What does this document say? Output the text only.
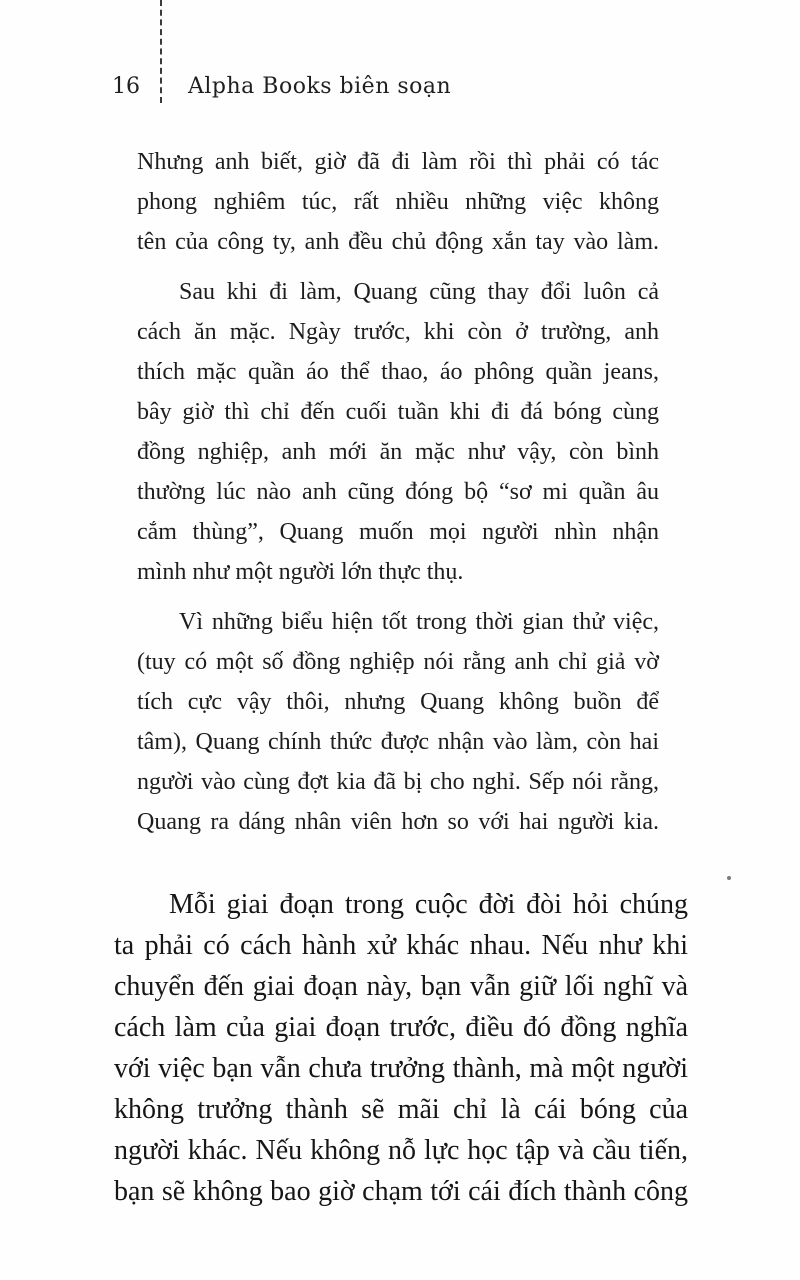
16 Alpha Books biên soạn
Nhưng anh biết, giờ đã đi làm rồi thì phải có tác
phong nghiêm túc, rất nhiều những việc không
tên của công ty, anh đều chủ động xắn tay vào làm.
Sau khi đi làm, Quang cũng thay đổi luôn cả
cách ăn mặc. Ngày trước, khi còn ở trường, anh
thích mặc quần áo thể thao, áo phông quần jeans,
bây giờ thì chỉ đến cuối tuần khi đi đá bóng cùng
đồng nghiệp, anh mới ăn mặc như vậy, còn bình
thường lúc nào anh cũng đóng bộ “sơ mi quần âu
cắm thùng”, Quang muốn mọi người nhìn nhận
mình như một người lớn thực thụ.
Vì những biểu hiện tốt trong thời gian thử việc,
(tuy có một số đồng nghiệp nói rằng anh chỉ giả vờ
tích cực vậy thôi, nhưng Quang không buồn để
tâm), Quang chính thức được nhận vào làm, còn hai
người vào cùng đợt kia đã bị cho nghỉ. Sếp nói rằng,
Quang ra dáng nhân viên hơn so với hai người kia.
Mỗi giai đoạn trong cuộc đời đòi hỏi chúng
ta phải có cách hành xử khác nhau. Nếu như khi
chuyển đến giai đoạn này, bạn vẫn giữ lối nghĩ và
cách làm của giai đoạn trước, điều đó đồng nghĩa
với việc bạn vẫn chưa trưởng thành, mà một người
không trưởng thành sẽ mãi chỉ là cái bóng của
người khác. Nếu không nỗ lực học tập và cầu tiến,
bạn sẽ không bao giờ chạm tới cái đích thành công
